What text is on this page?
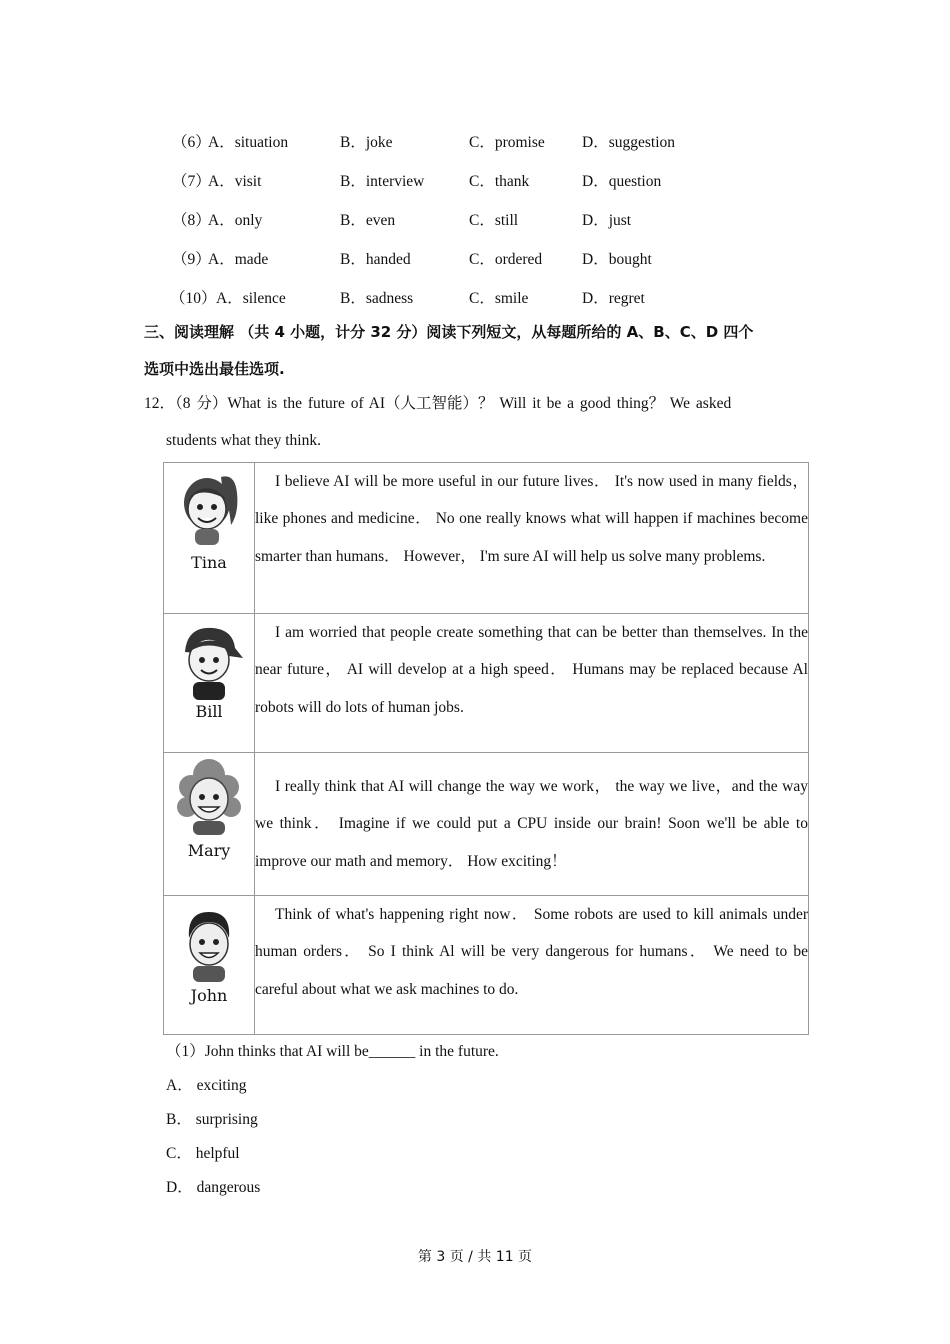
（6）
A．situation	B．joke	C．promise D．suggestion
（7）
A．visit	B．interview	C．thank	D．question
（8）
A．only	B．even	C．still	D．just
（9）
A．made	B．handed	C．ordered	D．bought
（10） A．silence	B．sadness	C．smile	D．regret
三、阅读理解 （共 4 小题，计分 32 分）阅读下列短文，从每题所给的 A、B、C、D 四个
选项中选出最佳选项.
12．（8 分）What is the future of AI（人工智能）？ Will it be a good thing？ We asked
students what they think.
Tina	I believe AI will be more useful in our future lives． It's now used in many fields， like phones and medicine． No one really knows what will happen if machines become smarter than humans． However， I'm sure AI will help us solve many problems.

Bill	I am worried that people create something that can be better than themselves. In the near future， AI will develop at a high speed． Humans may be replaced because Al robots will do lots of human jobs.

Mary	I really think that AI will change the way we work， the way we live，and the way we think． Imagine if we could put a CPU inside our brain! Soon we'll be able to improve our math and memory． How exciting！

John	Think of what's happening right now． Some robots are used to kill animals under human orders． So I think Al will be very dangerous for humans． We need to be careful about what we ask machines to do.
（1）John thinks that AI will be______ in the future.
A． exciting
B． surprising
C． helpful
D． dangerous
第 3 页 / 共 11 页
